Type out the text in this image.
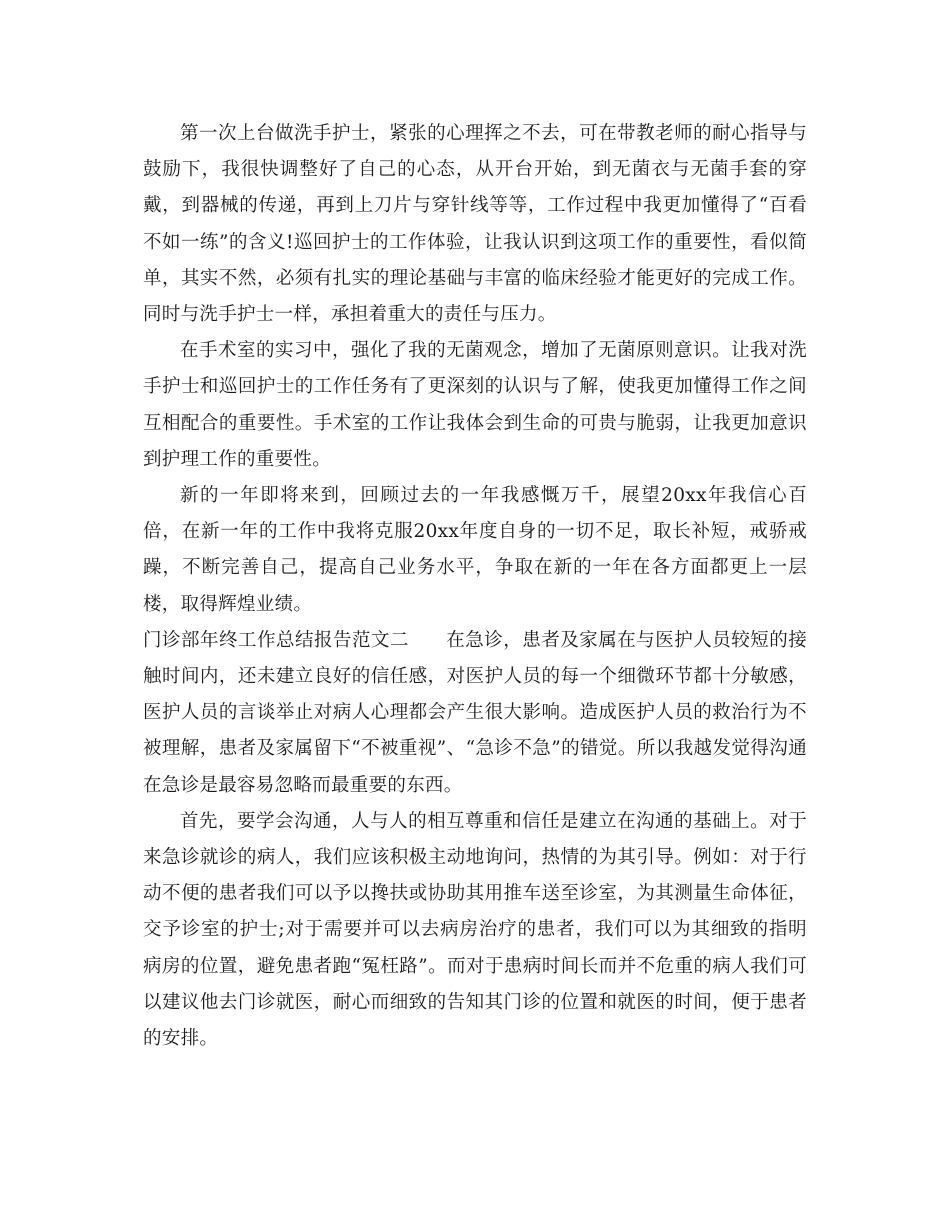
第一次上台做洗手护士，紧张的心理挥之不去，可在带教老师的耐心指导与鼓励下，我很快调整好了自己的心态，从开台开始，到无菌衣与无菌手套的穿戴，到器械的传递，再到上刀片与穿针线等等，工作过程中我更加懂得了“百看不如一练”的含义!巡回护士的工作体验，让我认识到这项工作的重要性，看似简单，其实不然，必须有扎实的理论基础与丰富的临床经验才能更好的完成工作。同时与洗手护士一样，承担着重大的责任与压力。

在手术室的实习中，强化了我的无菌观念，增加了无菌原则意识。让我对洗手护士和巡回护士的工作任务有了更深刻的认识与了解，使我更加懂得工作之间互相配合的重要性。手术室的工作让我体会到生命的可贵与脆弱，让我更加意识到护理工作的重要性。

新的一年即将来到，回顾过去的一年我感慨万千，展望20xx年我信心百倍，在新一年的工作中我将克服20xx年度自身的一切不足，取长补短，戒骄戒躁，不断完善自己，提高自己业务水平，争取在新的一年在各方面都更上一层楼，取得辉煌业绩。

门诊部年终工作总结报告范文二 在急诊，患者及家属在与医护人员较短的接触时间内，还未建立良好的信任感，对医护人员的每一个细微环节都十分敏感，医护人员的言谈举止对病人心理都会产生很大影响。造成医护人员的救治行为不被理解，患者及家属留下“不被重视”、“急诊不急”的错觉。所以我越发觉得沟通在急诊是最容易忽略而最重要的东西。

首先，要学会沟通，人与人的相互尊重和信任是建立在沟通的基础上。对于来急诊就诊的病人，我们应该积极主动地询问，热情的为其引导。例如：对于行动不便的患者我们可以予以搀扶或协助其用推车送至诊室，为其测量生命体征，交予诊室的护士;对于需要并可以去病房治疗的患者，我们可以为其细致的指明病房的位置，避免患者跑“冤枉路”。而对于患病时间长而并不危重的病人我们可以建议他去门诊就医，耐心而细致的告知其门诊的位置和就医的时间，便于患者的安排。
